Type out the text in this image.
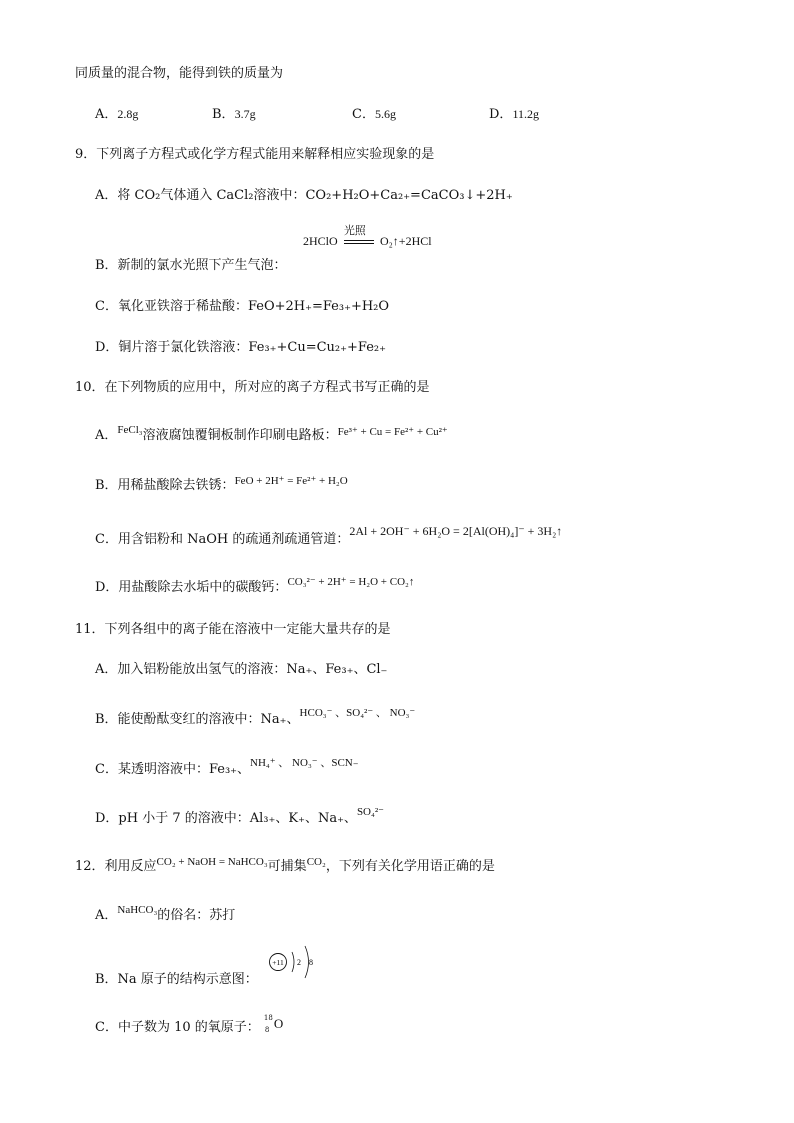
同质量的混合物，能得到铁的质量为
A．2.8g	B．3.7g	C．5.6g	D．11.2g
9．下列离子方程式或化学方程式能用来解释相应实验现象的是
A．将 CO₂气体通入 CaCl₂溶液中：CO₂+H₂O+Ca₂₊=CaCO₃↓+2H₊
2HClO
光照
O₂↑+2HCl
B．新制的氯水光照下产生气泡：
C．氧化亚铁溶于稀盐酸：FeO+2H₊=Fe₃₊+H₂O
D．铜片溶于氯化铁溶液：Fe₃₊+Cu=Cu₂₊+Fe₂₊
10．在下列物质的应用中，所对应的离子方程式书写正确的是
A．$^{FeCl_3}$溶液腐蚀覆铜板制作印刷电路板：$^{Fe^{3+} + Cu = Fe^{2+} + Cu^{2+}}$
B．用稀盐酸除去铁锈：$^{FeO + 2H^+ = Fe^{2+} + H_2O}$
C．用含铝粉和 NaOH 的疏通剂疏通管道：2Al + 2OH⁻ + 6H₂O = 2[Al(OH)₄]⁻ + 3H₂↑
D．用盐酸除去水垢中的碳酸钙：$^{CO_3^{2-} + 2H^+ = H_2O + CO_2↑}$
11．下列各组中的离子能在溶液中一定能大量共存的是
A．加入铝粉能放出氢气的溶液：Na₊、Fe₃₊、Cl₋
B．能使酚酞变红的溶液中：Na₊、$^{HCO_3^- 、SO_4^{2-} 、 NO_3^-}$
C．某透明溶液中：Fe₃₊、$^{NH_4^+ 、 NO_3^- 、SCN_-}$
D．pH 小于 7 的溶液中：Al₃₊、K₊、Na₊、$^{SO_4^{2-}}$
12．利用反应$^{CO_2 + NaOH = NaHCO_3}$可捕集$^{CO_2}$，下列有关化学用语正确的是
A．$^{NaHCO_3}$的俗名：苏打
B．Na 原子的结构示意图：
+11 2 8
C．中子数为 10 的氧原子：
18
8 O
